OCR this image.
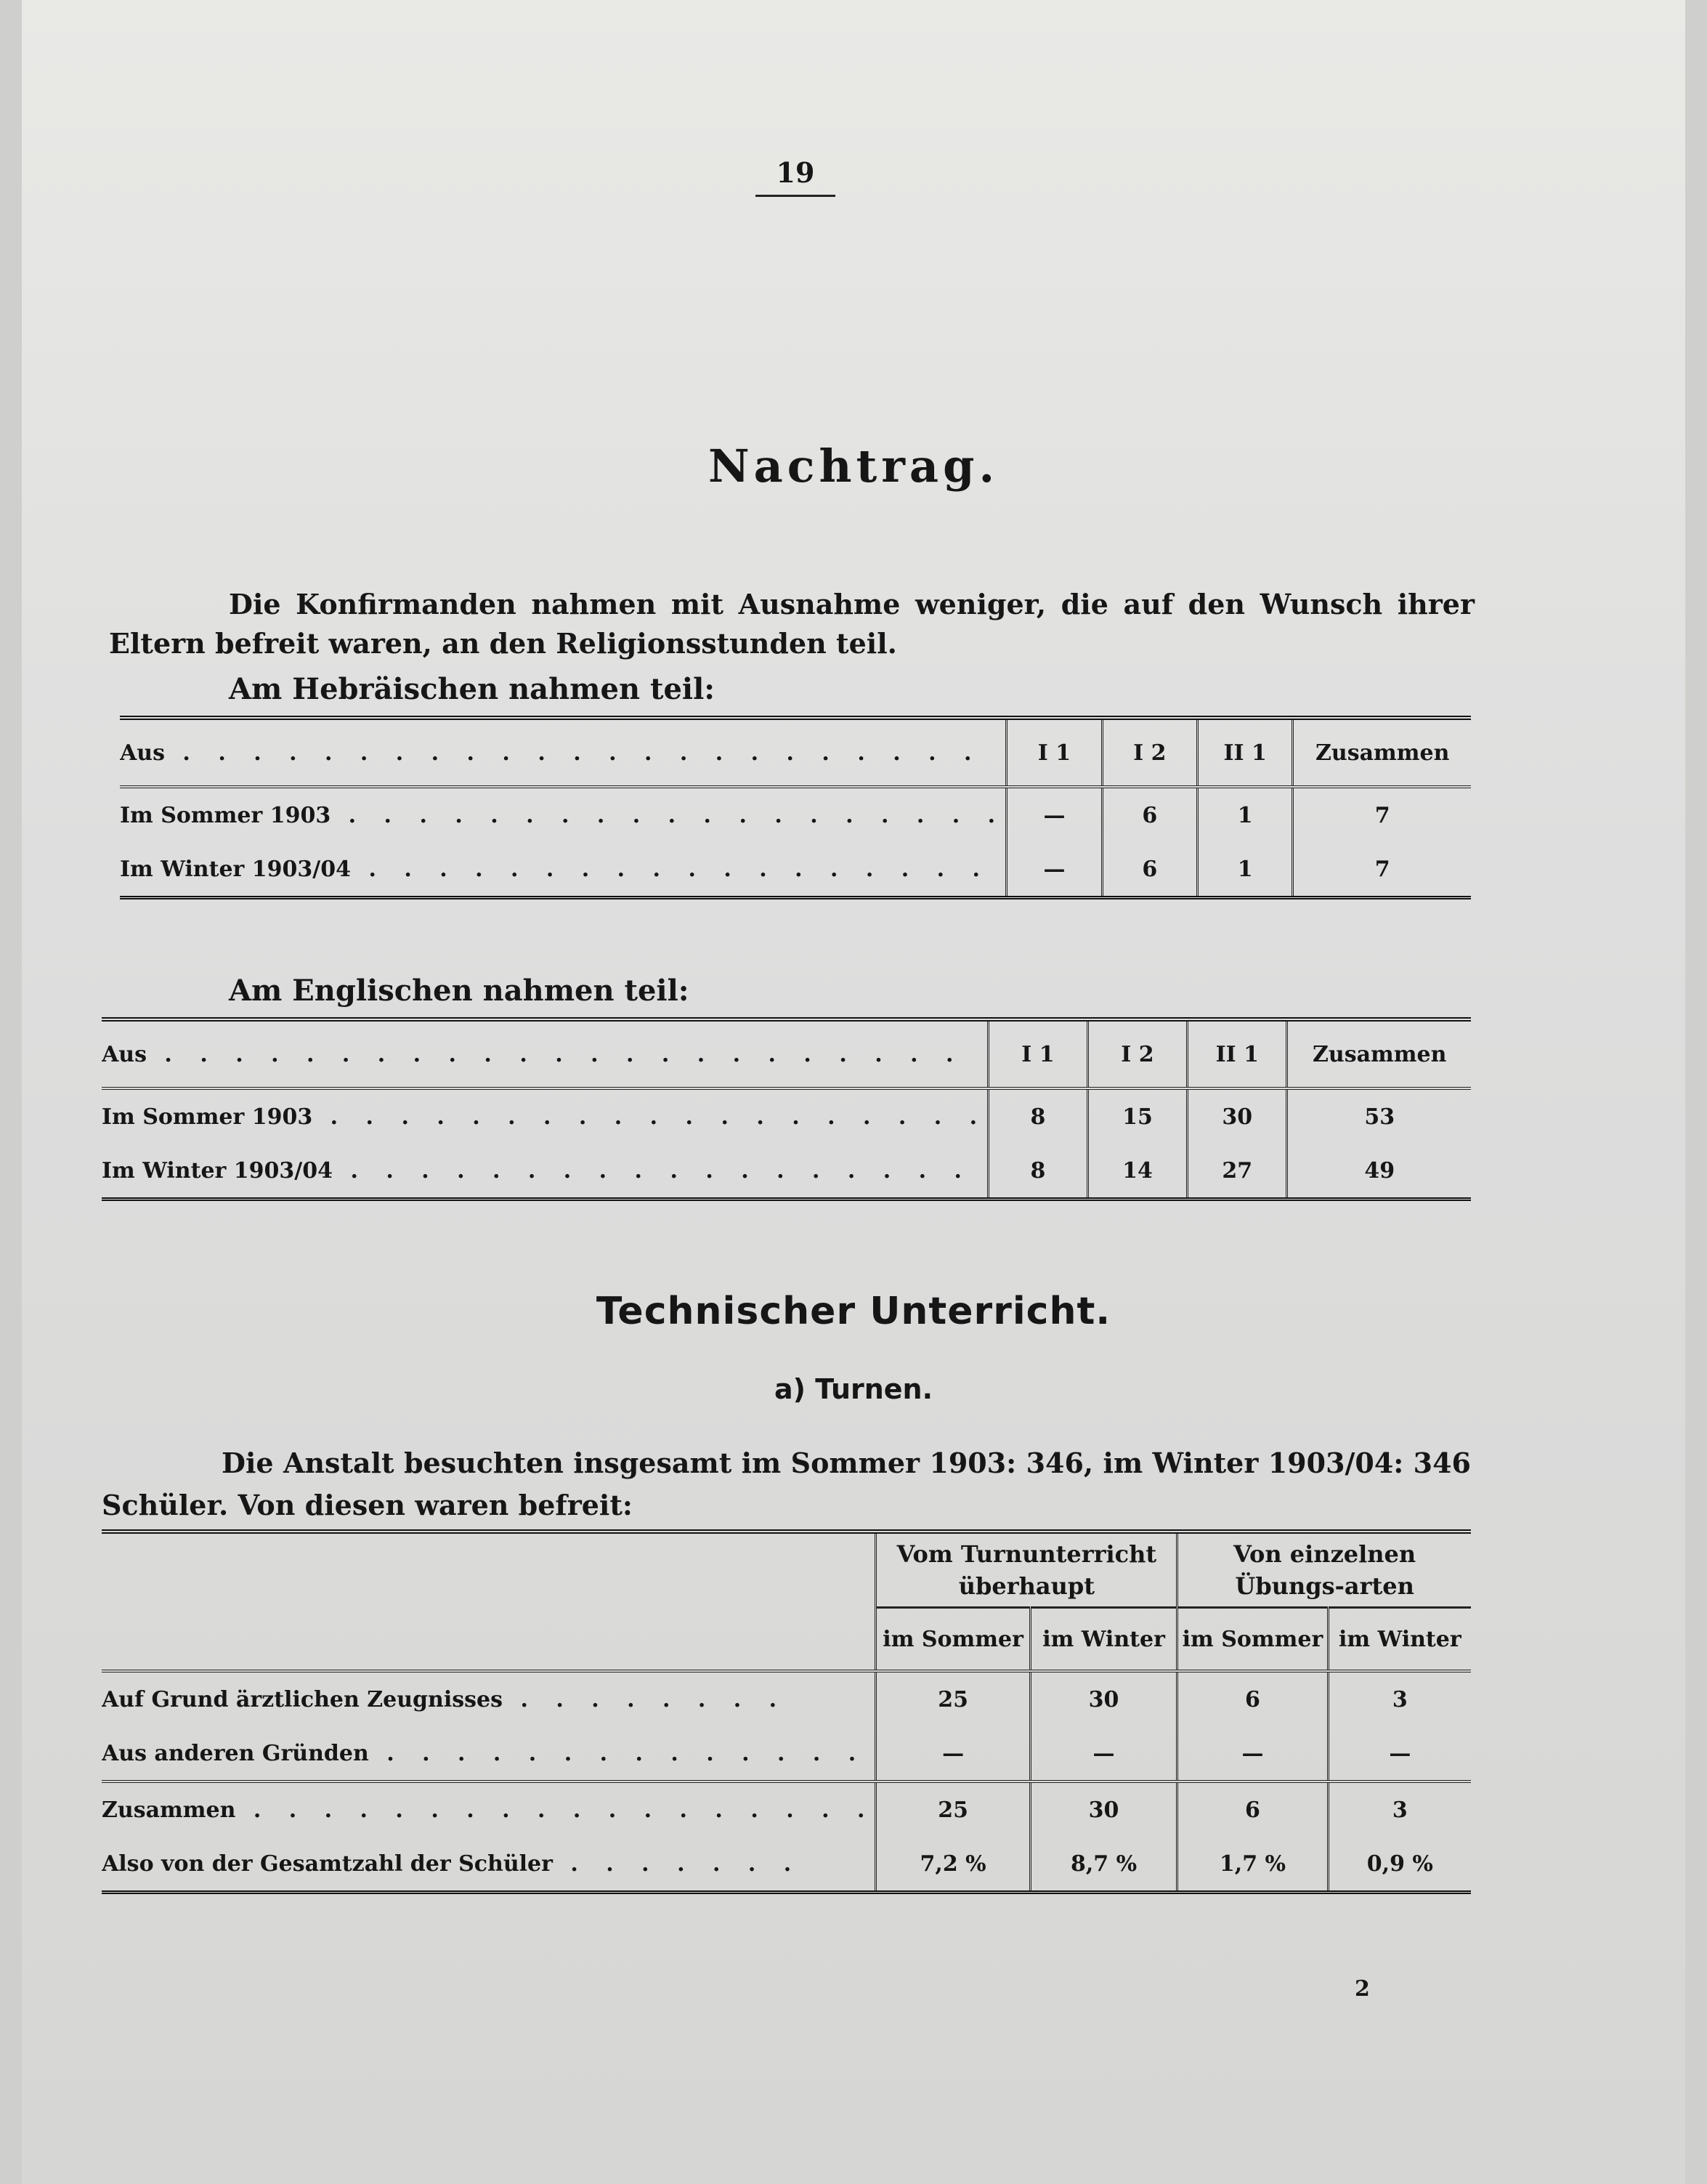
19
Nachtrag.
Die Konfirmanden nahmen mit Ausnahme weniger, die auf den Wunsch ihrer Eltern befreit waren, an den Religionsstunden teil.
Am Hebräischen nahmen teil:
Aus . . . . . . . . . . . . . . . . . . . . . . .	I 1	I 2	II 1	Zusammen
Im Sommer 1903 . . . . . . . . . . . . . . . . . . .	—	6	1	7
Im Winter 1903/04 . . . . . . . . . . . . . . . . . .	—	6	1	7
Am Englischen nahmen teil:
Aus . . . . . . . . . . . . . . . . . . . . . . .	I 1	I 2	II 1	Zusammen
Im Sommer 1903 . . . . . . . . . . . . . . . . . . .	8	15	30	53
Im Winter 1903/04 . . . . . . . . . . . . . . . . . .	8	14	27	49
Technischer Unterricht.
a) Turnen.
Die Anstalt besuchten insgesamt im Sommer 1903: 346, im Winter 1903/04: 346 Schüler. Von diesen waren befreit:
	Vom Turnunterricht überhaupt		Von einzelnen Übungs-arten	
	im Sommer	im Winter	im Sommer	im Winter
Auf Grund ärztlichen Zeugnisses . . . . . . . .	25	30	6	3
Aus anderen Gründen . . . . . . . . . . . . . .	—	—	—	—
Zusammen . . . . . . . . . . . . . . . . . .	25	30	6	3
Also von der Gesamtzahl der Schüler . . . . . . .	7,2 %	8,7 %	1,7 %	0,9 %
2
